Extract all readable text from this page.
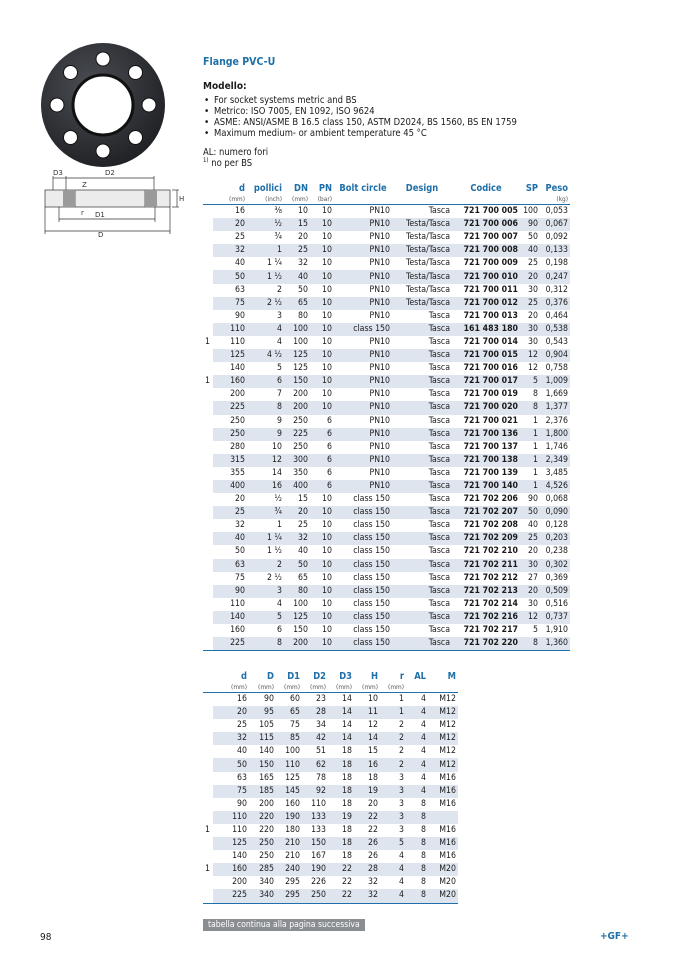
D3	D2
D1
D
Z
r
H
Flange PVC-U
Modello:
• For socket systems metric and BS
• Metrico: ISO 7005, EN 1092, ISO 9624
• ASME: ANSI/ASME B 16.5 class 150, ASTM D2024, BS 1560, BS EN 1759
• Maximum medium- or ambient temperature 45 °C
AL: numero fori
$^{1)}$ no per BS
	d	pollici	DN	PN	Bolt circle	Design	Codice	SP	Peso
	(mm)	(inch)	(mm)	(bar)					(kg)
	16	⅜	10	10	PN10	Tasca	721 700 005	100	0,053
	20	½	15	10	PN10	Testa/Tasca	721 700 006	90	0,067
	25	¾	20	10	PN10	Testa/Tasca	721 700 007	50	0,092
	32	1	25	10	PN10	Testa/Tasca	721 700 008	40	0,133
	40	1 ¼	32	10	PN10	Testa/Tasca	721 700 009	25	0,198
	50	1 ½	40	10	PN10	Testa/Tasca	721 700 010	20	0,247
	63	2	50	10	PN10	Testa/Tasca	721 700 011	30	0,312
	75	2 ½	65	10	PN10	Testa/Tasca	721 700 012	25	0,376
	90	3	80	10	PN10	Tasca	721 700 013	20	0,464
	110	4	100	10	class 150	Tasca	161 483 180	30	0,538
1	110	4	100	10	PN10	Tasca	721 700 014	30	0,543
	125	4 ½	125	10	PN10	Tasca	721 700 015	12	0,904
	140	5	125	10	PN10	Tasca	721 700 016	12	0,758
1	160	6	150	10	PN10	Tasca	721 700 017	5	1,009
	200	7	200	10	PN10	Tasca	721 700 019	8	1,669
	225	8	200	10	PN10	Tasca	721 700 020	8	1,377
	250	9	250	6	PN10	Tasca	721 700 021	1	2,376
	250	9	225	6	PN10	Tasca	721 700 136	1	1,800
	280	10	250	6	PN10	Tasca	721 700 137	1	1,746
	315	12	300	6	PN10	Tasca	721 700 138	1	2,349
	355	14	350	6	PN10	Tasca	721 700 139	1	3,485
	400	16	400	6	PN10	Tasca	721 700 140	1	4,526
	20	½	15	10	class 150	Tasca	721 702 206	90	0,068
	25	¾	20	10	class 150	Tasca	721 702 207	50	0,090
	32	1	25	10	class 150	Tasca	721 702 208	40	0,128
	40	1 ¼	32	10	class 150	Tasca	721 702 209	25	0,203
	50	1 ½	40	10	class 150	Tasca	721 702 210	20	0,238
	63	2	50	10	class 150	Tasca	721 702 211	30	0,302
	75	2 ½	65	10	class 150	Tasca	721 702 212	27	0,369
	90	3	80	10	class 150	Tasca	721 702 213	20	0,509
	110	4	100	10	class 150	Tasca	721 702 214	30	0,516
	140	5	125	10	class 150	Tasca	721 702 216	12	0,737
	160	6	150	10	class 150	Tasca	721 702 217	5	1,910
	225	8	200	10	class 150	Tasca	721 702 220	8	1,360
	d	D	D1	D2	D3	H	r	AL	M
	(mm)	(mm)	(mm)	(mm)	(mm)	(mm)	(mm)		
	16	90	60	23	14	10	1	4	M12
	20	95	65	28	14	11	1	4	M12
	25	105	75	34	14	12	2	4	M12
	32	115	85	42	14	14	2	4	M12
	40	140	100	51	18	15	2	4	M12
	50	150	110	62	18	16	2	4	M12
	63	165	125	78	18	18	3	4	M16
	75	185	145	92	18	19	3	4	M16
	90	200	160	110	18	20	3	8	M16
	110	220	190	133	19	22	3	8	
1	110	220	180	133	18	22	3	8	M16
	125	250	210	150	18	26	5	8	M16
	140	250	210	167	18	26	4	8	M16
1	160	285	240	190	22	28	4	8	M20
	200	340	295	226	22	32	4	8	M20
	225	340	295	250	22	32	4	8	M20
tabella continua alla pagina successiva
98	+GF+
